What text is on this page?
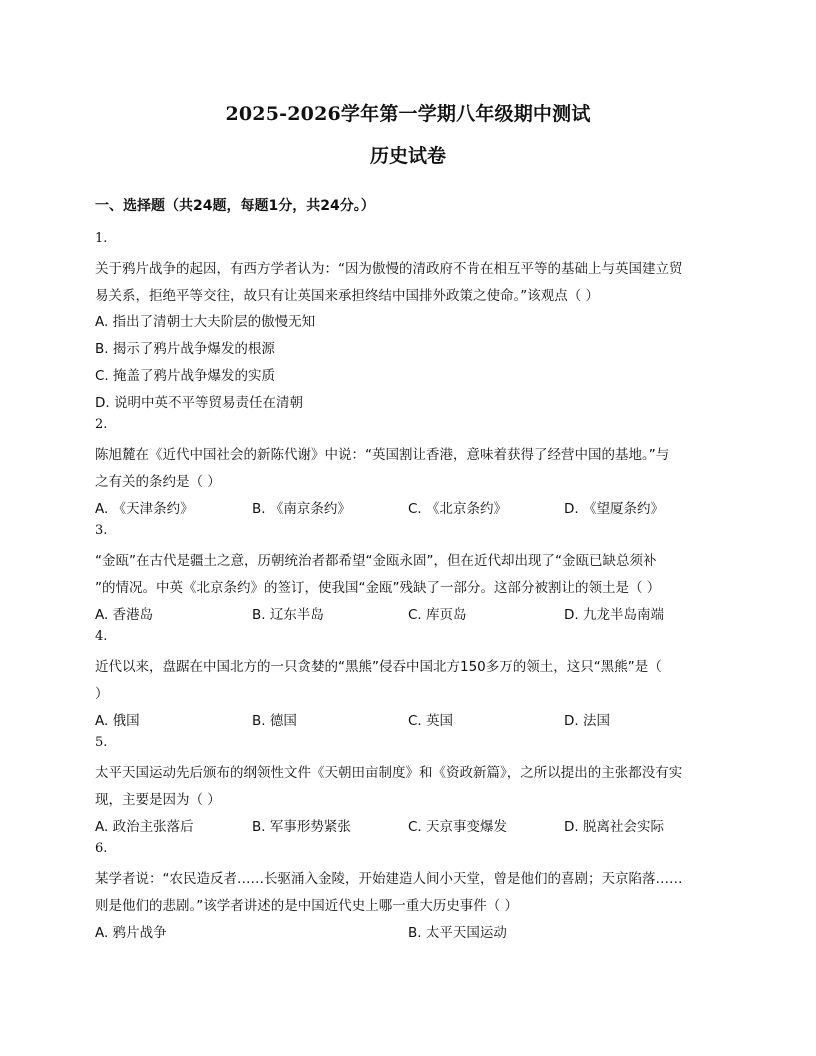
2025-2026学年第一学期八年级期中测试
历史试卷
一、选择题（共24题，每题1分，共24分。）
1.
关于鸦片战争的起因，有西方学者认为：“因为傲慢的清政府不肯在相互平等的基础上与英国建立贸
易关系，拒绝平等交往，故只有让英国来承担终结中国排外政策之使命。”该观点（ ）
A. 指出了清朝士大夫阶层的傲慢无知
B. 揭示了鸦片战争爆发的根源
C. 掩盖了鸦片战争爆发的实质
D. 说明中英不平等贸易责任在清朝
2.
陈旭麓在《近代中国社会的新陈代谢》中说：“英国割让香港，意味着获得了经营中国的基地。”与
之有关的条约是（ ）
A. 《天津条约》	B. 《南京条约》	C. 《北京条约》	D. 《望厦条约》
3.
“金瓯”在古代是疆土之意，历朝统治者都希望“金瓯永固”，但在近代却出现了“金瓯已缺总须补
”的情况。中英《北京条约》的签订，使我国“金瓯”残缺了一部分。这部分被割让的领土是（ ）
A. 香港岛	B. 辽东半岛	C. 库页岛	D. 九龙半岛南端
4.
近代以来，盘踞在中国北方的一只贪婪的“黑熊”侵吞中国北方150多万的领土，这只“黑熊”是（
）
A. 俄国	B. 德国	C. 英国	D. 法国
5.
太平天国运动先后颁布的纲领性文件《天朝田亩制度》和《资政新篇》，之所以提出的主张都没有实
现，主要是因为（ ）
A. 政治主张落后	B. 军事形势紧张	C. 天京事变爆发	D. 脱离社会实际
6.
某学者说：“农民造反者……长驱涌入金陵，开始建造人间小天堂，曾是他们的喜剧；天京陷落……
则是他们的悲剧。”该学者讲述的是中国近代史上哪一重大历史事件（ ）
A. 鸦片战争	B. 太平天国运动
